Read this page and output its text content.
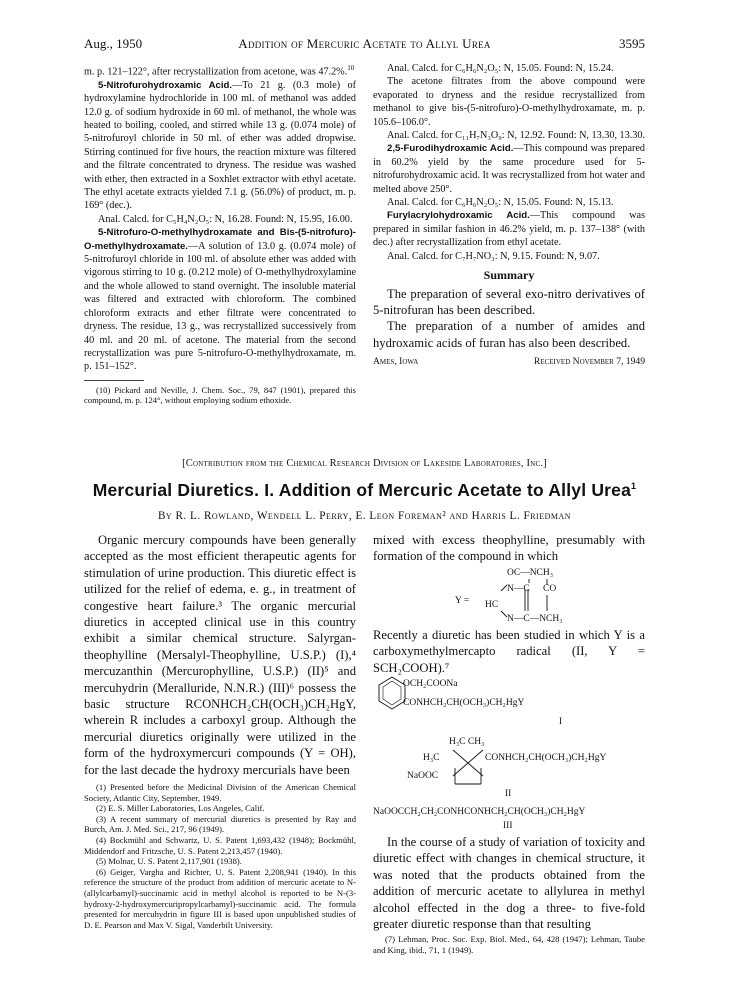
Aug., 1950	Addition of Mercuric Acetate to Allyl Urea	3595

m. p. 121–122°, after recrystallization from acetone, was 47.2%.$^{10}$

5-Nitrofurohydroxamic Acid.—To 21 g. (0.3 mole) of hydroxylamine hydrochloride in 100 ml. of methanol was added 12.0 g. of sodium hydroxide in 60 ml. of methanol, the whole was heated to boiling, cooled, and stirred while 13 g. (0.074 mole) of 5-nitrofuroyl chloride in 50 ml. of ether was added dropwise. Stirring continued for five hours, the reaction mixture was filtered and the filtrate concentrated to dryness. The residue was washed with ether, then extracted in a Soxhlet extractor with ethyl acetate. The ethyl acetate extracts yielded 7.1 g. (56.0%) of product, m. p. 169° (dec.).

Anal. Calcd. for C₅H₄N₂O₅: N, 16.28. Found: N, 15.95, 16.00.

5-Nitrofuro-O-methylhydroxamate and Bis-(5-nitrofuro)-O-methylhydroxamate.—A solution of 13.0 g. (0.074 mole) of 5-nitrofuroyl chloride in 100 ml. of absolute ether was added with vigorous stirring to 10 g. (0.212 mole) of O-methylhydroxylamine and the whole allowed to stand overnight. The insoluble material was filtered and extracted with chloroform. The combined chloroform extracts and ether filtrate were concentrated to dryness. The residue, 13 g., was recrystallized successively from 40 ml. and 20 ml. of acetone. The material from the second recrystallization was pure 5-nitrofuro-O-methylhydroxamate, m. p. 151–152°.

(10) Pickard and Neville, J. Chem. Soc., 79, 847 (1901), prepared this compound, m. p. 124°, without employing sodium ethoxide.

Anal. Calcd. for C₆H₆N₂O₅: N, 15.05. Found: N, 15.24.

The acetone filtrates from the above compound were evaporated to dryness and the residue recrystallized from methanol to give bis-(5-nitrofuro)-O-methylhydroxamate, m. p. 105.6–106.0°.

Anal. Calcd. for C₁₁H₇N₃O₉: N, 12.92. Found: N, 13.30, 13.30.

2,5-Furodihydroxamic Acid.—This compound was prepared in 60.2% yield by the same procedure used for 5-nitrofurohydroxamic acid. It was recrystallized from hot water and melted above 250°.

Anal. Calcd. for C₆H₆N₂O₅: N, 15.05. Found: N, 15.13.

Furylacrylohydroxamic Acid.—This compound was prepared in similar fashion in 46.2% yield, m. p. 137–138° (with dec.) after recrystallization from ethyl acetate.

Anal. Calcd. for C₇H₇NO₃: N, 9.15. Found: N, 9.07.

Summary

The preparation of several exo-nitro derivatives of 5-nitrofuran has been described.

The preparation of a number of amides and hydroxamic acids of furan has also been described.

Ames, Iowa	Received November 7, 1949
[Contribution from the Chemical Research Division of Lakeside Laboratories, Inc.]
Mercurial Diuretics. I. Addition of Mercuric Acetate to Allyl Urea$^1$
By R. L. Rowland, Wendell L. Perry, E. Leon Foreman² and Harris L. Friedman

Organic mercury compounds have been generally accepted as the most efficient therapeutic agents for stimulation of urine production. This diuretic effect is utilized for the relief of edema, e. g., in treatment of congestive heart failure.³ The organic mercurial diuretics in accepted clinical use in this country exhibit a similar chemical structure. Salyrgan-theophylline (Mersalyl-Theophylline, U.S.P.) (I),⁴ mercuzanthin (Mercurophylline, U.S.P.) (II)⁵ and mercuhydrin (Meralluride, N.N.R.) (III)⁶ possess the basic structure RCONHCH₂CH(OCH₃)CH₂HgY, wherein R includes a carboxyl group. Although the mercurial diuretics originally were utilized in the form of the hydroxymercuri compounds (Y = OH), for the last decade the hydroxy mercurials have been

(1) Presented before the Medicinal Division of the American Chemical Society, Atlantic City, September, 1949.

(2) E. S. Miller Laboratories, Los Angeles, Calif.

(3) A recent summary of mercurial diuretics is presented by Ray and Burch, Am. J. Med. Sci., 217, 96 (1949).

(4) Bockmühl and Schwartz, U. S. Patent 1,693,432 (1948); Bockmühl, Middendorf and Fritzsche, U. S. Patent 2,213,457 (1940).

(5) Molnar, U. S. Patent 2,117,901 (1938).

(6) Geiger, Vargha and Richter, U. S. Patent 2,208,941 (1940). In this reference the structure of the product from addition of mercuric acetate to N-(allylcarbamyl)-succinamic acid in methyl alcohol is reported to be N-(3-hydroxy-2-hydroxymercuripropylcarbamyl)-succinamic acid. The formula presented for mercuhydrin in figure III is based upon unpublished studies of D. E. Pearson and Max V. Sigal, Vanderbilt University.

mixed with excess theophylline, presumably with formation of the compound in which

Y =
OC—NCH₃
N—C CO
HC
N—C—NCH₃

Recently a diuretic has been studied in which Y is a carboxymethylmercapto radical (II, Y = SCH₂COOH).⁷

OCH₂COONa
CONHCH₂CH(OCH₃)CH₂HgY
I
H₃C CH₃
H₃C
NaOOC
CONHCH₂CH(OCH₃)CH₂HgY
II
NaOOCCH₂CH₂CONHCONHCH₂CH(OCH₃)CH₂HgY
III

In the course of a study of variation of toxicity and diuretic effect with changes in chemical structure, it was noted that the products obtained from the addition of mercuric acetate to allylurea in methyl alcohol effected in the dog a three- to five-fold greater diuretic response than that resulting

(7) Lehman, Proc. Soc. Exp. Biol. Med., 64, 428 (1947); Lehman, Taube and King, ibid., 71, 1 (1949).
